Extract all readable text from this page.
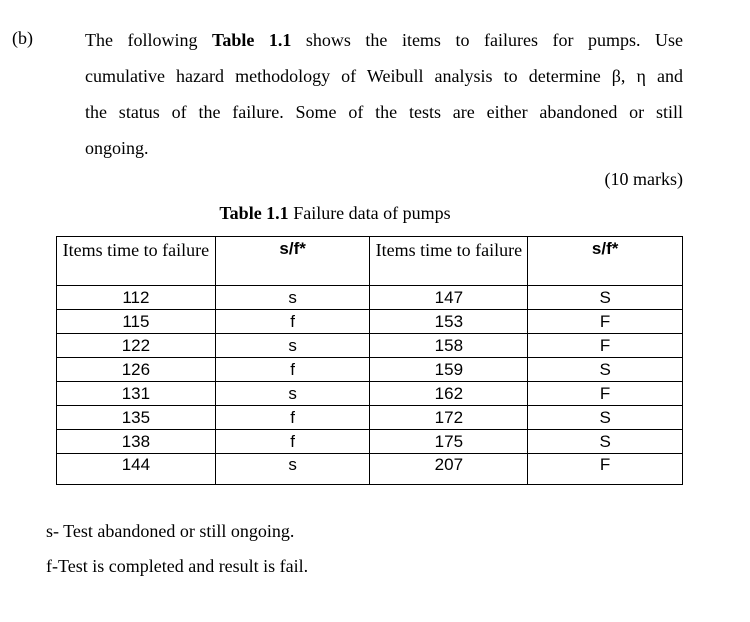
(b)	The following Table 1.1 shows the items to failures for pumps. Use
cumulative hazard methodology of Weibull analysis to determine β, η and
the status of the failure. Some of the tests are either abandoned or still
ongoing.
(10 marks)
Table 1.1 Failure data of pumps
Items time to failure	s/f*	Items time to failure	s/f*
112	s	147	S
115	f	153	F
122	s	158	F
126	f	159	S
131	s	162	F
135	f	172	S
138	f	175	S
144	s	207	F
s- Test abandoned or still ongoing.
f-Test is completed and result is fail.
